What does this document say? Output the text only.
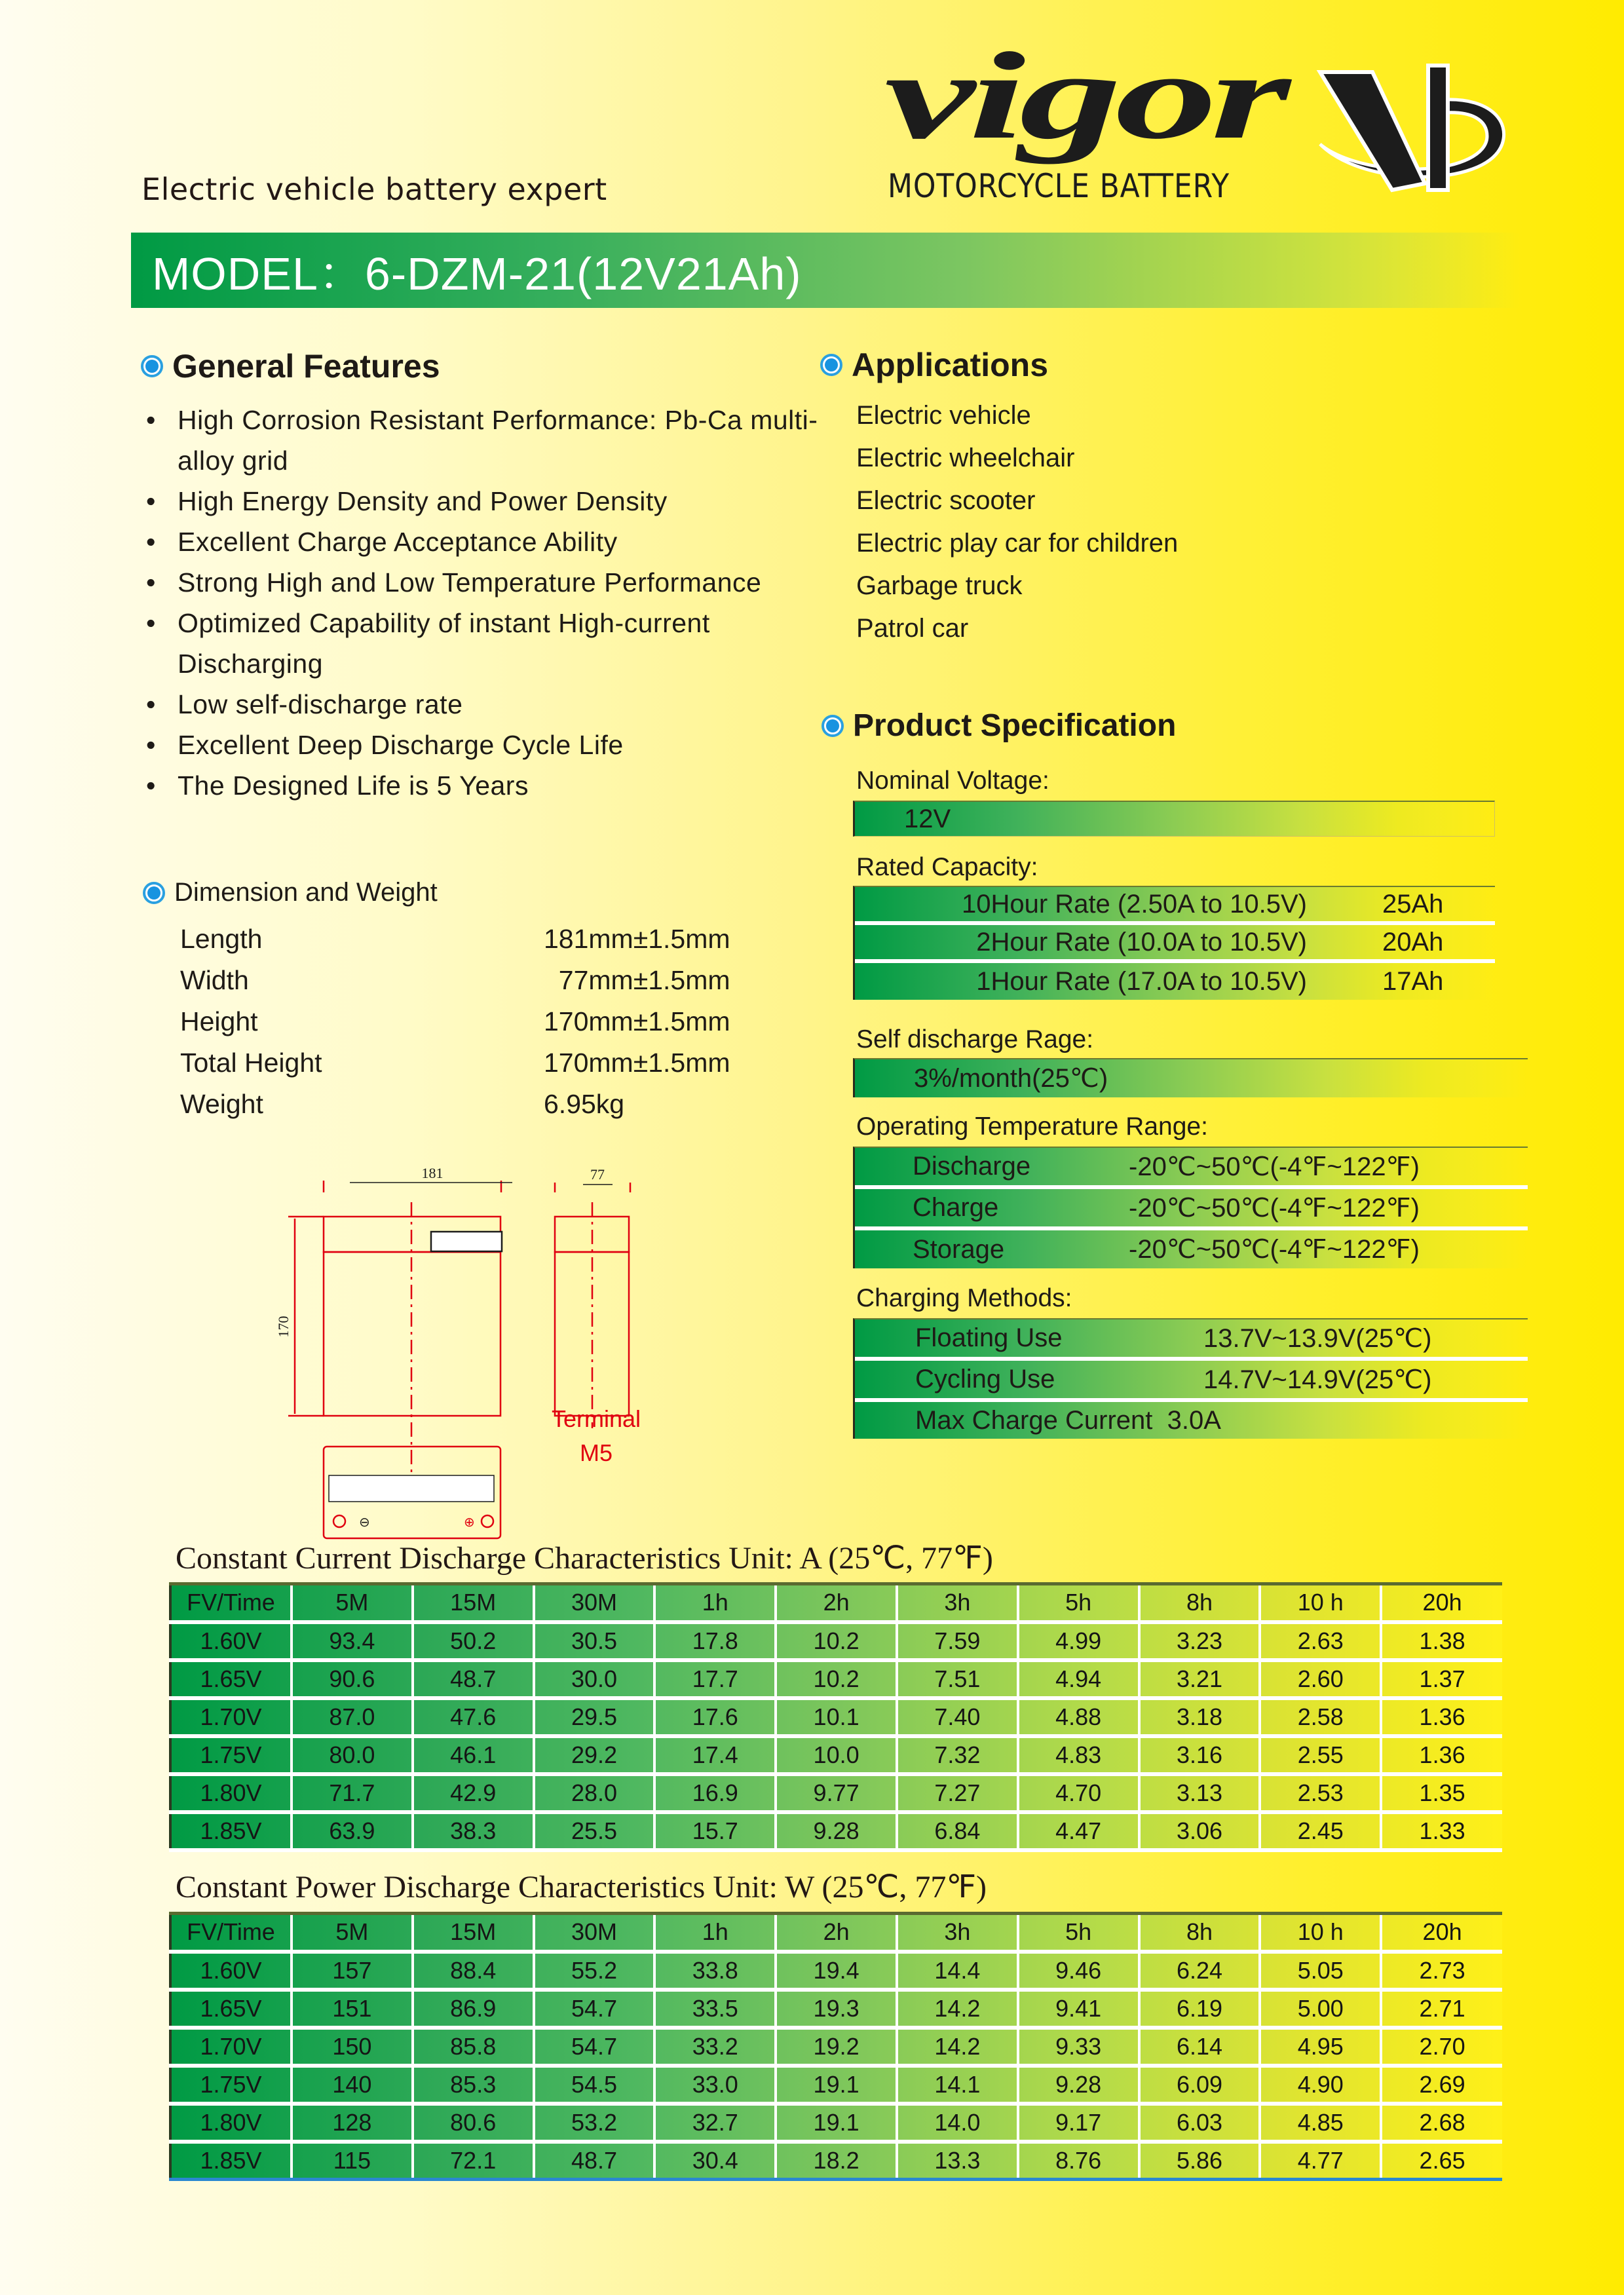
Electric vehicle battery expert
vigor
MOTORCYCLE BATTERY
MODEL：6-DZM-21(12V21Ah)
General Features
• High Corrosion Resistant Performance: Pb-Ca multi-alloy grid
• High Energy Density and Power Density
• Excellent Charge Acceptance Ability
• Strong High and Low Temperature Performance
• Optimized Capability of instant High-current Discharging
• Low self-discharge rate
• Excellent Deep Discharge Cycle Life
• The Designed Life is 5 Years
Applications
Electric vehicle
Electric wheelchair
Electric scooter
Electric play car for children
Garbage truck
Patrol car
Dimension and Weight
Length	181mm±1.5mm
Width	77mm±1.5mm
Height	170mm±1.5mm
Total Height	170mm±1.5mm
Weight	6.95kg
181
170
77
⊖	⊕
Terminal
M5
Product Specification
Nominal Voltage:
12V
Rated Capacity:
10Hour Rate (2.50A to 10.5V)	25Ah
2Hour Rate (10.0A to 10.5V)	20Ah
1Hour Rate (17.0A to 10.5V)	17Ah
Self discharge Rage:
3%/month(25℃)
Operating Temperature Range:
Discharge	-20℃~50℃(-4℉~122℉)
Charge	-20℃~50℃(-4℉~122℉)
Storage	-20℃~50℃(-4℉~122℉)
Charging Methods:
Floating Use	13.7V~13.9V(25℃)
Cycling Use	14.7V~14.9V(25℃)
Max Charge Current  3.0A
Constant Current Discharge Characteristics Unit: A (25℃, 77℉)
FV/Time	5M	15M	30M	1h	2h	3h	5h	8h	10 h	20h
1.60V	93.4	50.2	30.5	17.8	10.2	7.59	4.99	3.23	2.63	1.38
1.65V	90.6	48.7	30.0	17.7	10.2	7.51	4.94	3.21	2.60	1.37
1.70V	87.0	47.6	29.5	17.6	10.1	7.40	4.88	3.18	2.58	1.36
1.75V	80.0	46.1	29.2	17.4	10.0	7.32	4.83	3.16	2.55	1.36
1.80V	71.7	42.9	28.0	16.9	9.77	7.27	4.70	3.13	2.53	1.35
1.85V	63.9	38.3	25.5	15.7	9.28	6.84	4.47	3.06	2.45	1.33
Constant Power Discharge Characteristics Unit: W (25℃, 77℉)
FV/Time	5M	15M	30M	1h	2h	3h	5h	8h	10 h	20h
1.60V	157	88.4	55.2	33.8	19.4	14.4	9.46	6.24	5.05	2.73
1.65V	151	86.9	54.7	33.5	19.3	14.2	9.41	6.19	5.00	2.71
1.70V	150	85.8	54.7	33.2	19.2	14.2	9.33	6.14	4.95	2.70
1.75V	140	85.3	54.5	33.0	19.1	14.1	9.28	6.09	4.90	2.69
1.80V	128	80.6	53.2	32.7	19.1	14.0	9.17	6.03	4.85	2.68
1.85V	115	72.1	48.7	30.4	18.2	13.3	8.76	5.86	4.77	2.65
